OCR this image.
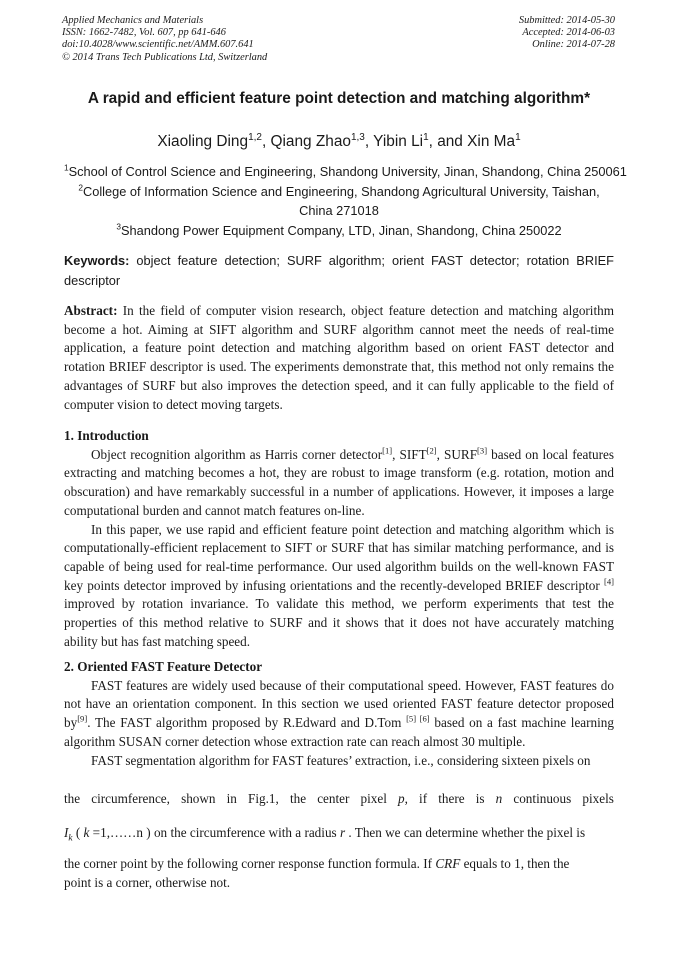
Applied Mechanics and Materials
ISSN: 1662-7482, Vol. 607, pp 641-646
doi:10.4028/www.scientific.net/AMM.607.641
© 2014 Trans Tech Publications Ltd, Switzerland
Submitted: 2014-05-30
Accepted: 2014-06-03
Online: 2014-07-28
A rapid and efficient feature point detection and matching algorithm*
Xiaoling Ding$^{1,2}$, Qiang Zhao$^{1,3}$, Yibin Li$^1$, and Xin Ma$^1$
$^1$School of Control Science and Engineering, Shandong University, Jinan, Shandong, China 250061
$^2$College of Information Science and Engineering, Shandong Agricultural University, Taishan, China 271018
$^3$Shandong Power Equipment Company, LTD, Jinan, Shandong, China 250022
Keywords: object feature detection; SURF algorithm; orient FAST detector; rotation BRIEF descriptor

Abstract: In the field of computer vision research, object feature detection and matching algorithm become a hot. Aiming at SIFT algorithm and SURF algorithm cannot meet the needs of real-time application, a feature point detection and matching algorithm based on orient FAST detector and rotation BRIEF descriptor is used. The experiments demonstrate that, this method not only remains the advantages of SURF but also improves the detection speed, and it can fully applicable to the field of computer vision to detect moving targets.

1. Introduction

Object recognition algorithm as Harris corner detector[1], SIFT[2], SURF[3] based on local features extracting and matching becomes a hot, they are robust to image transform (e.g. rotation, motion and obscuration) and have remarkably successful in a number of applications. However, it imposes a large computational burden and cannot match features on-line.

In this paper, we use rapid and efficient feature point detection and matching algorithm which is computationally-efficient replacement to SIFT or SURF that has similar matching performance, and is capable of being used for real-time performance. Our used algorithm builds on the well-known FAST key points detector improved by infusing orientations and the recently-developed BRIEF descriptor [4] improved by rotation invariance. To validate this method, we perform experiments that test the properties of this method relative to SURF and it shows that it does not have accurately matching ability but has fast matching speed.

2. Oriented FAST Feature Detector

FAST features are widely used because of their computational speed. However, FAST features do not have an orientation component. In this section we used oriented FAST feature detector proposed by[9]. The FAST algorithm proposed by R.Edward and D.Tom [5] [6] based on a fast machine learning algorithm SUSAN corner detection whose extraction rate can reach almost 30 multiple.

FAST segmentation algorithm for FAST features’ extraction, i.e., considering sixteen pixels on

the circumference, shown in Fig.1, the center pixel p, if there is n continuous pixels
$I_k$ ( k =1,……n ) on the circumference with a radius r . Then we can determine whether the pixel is
the corner point by the following corner response function formula. If CRF equals to 1, then the
point is a corner, otherwise not.
